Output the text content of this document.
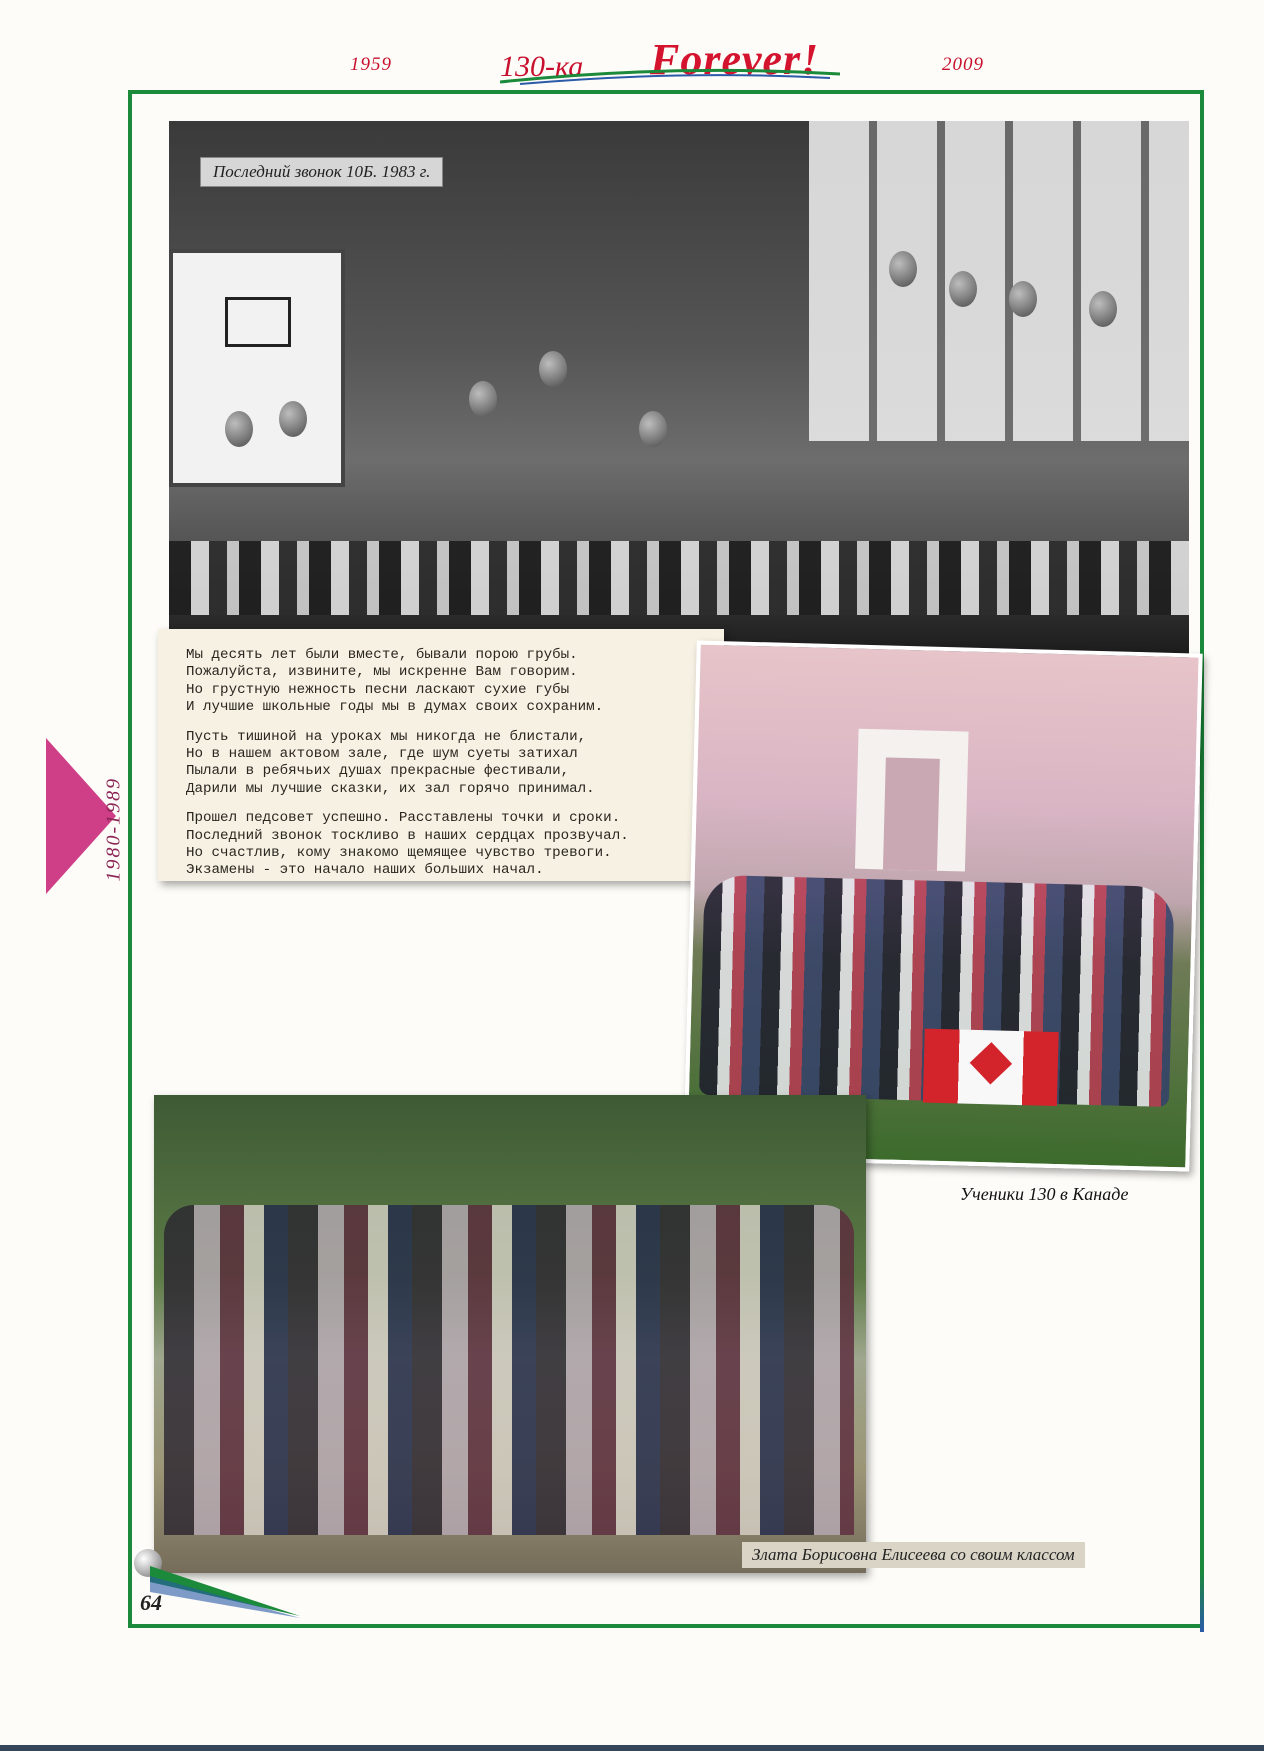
1959	130-ка Forever!	2009
1980-1989
Последний звонок 10Б. 1983 г.
Мы десять лет были вместе, бывали порою грубы.
Пожалуйста, извините, мы искренне Вам говорим.
Но грустную нежность песни ласкают сухие губы
И лучшие школьные годы мы в думах своих сохраним.
Пусть тишиной на уроках мы никогда не блистали,
Но в нашем актовом зале, где шум суеты затихал
Пылали в ребячьих душах прекрасные фестивали,
Дарили мы лучшие сказки, их зал горячо принимал.
Прошел педсовет успешно. Расставлены точки и сроки.
Последний звонок тоскливо в наших сердцах прозвучал.
Но счастлив, кому знакомо щемящее чувство тревоги.
Экзамены - это начало наших больших начал.
Ученики 130 в Канаде
Злата Борисовна Елисеева со своим классом
64
